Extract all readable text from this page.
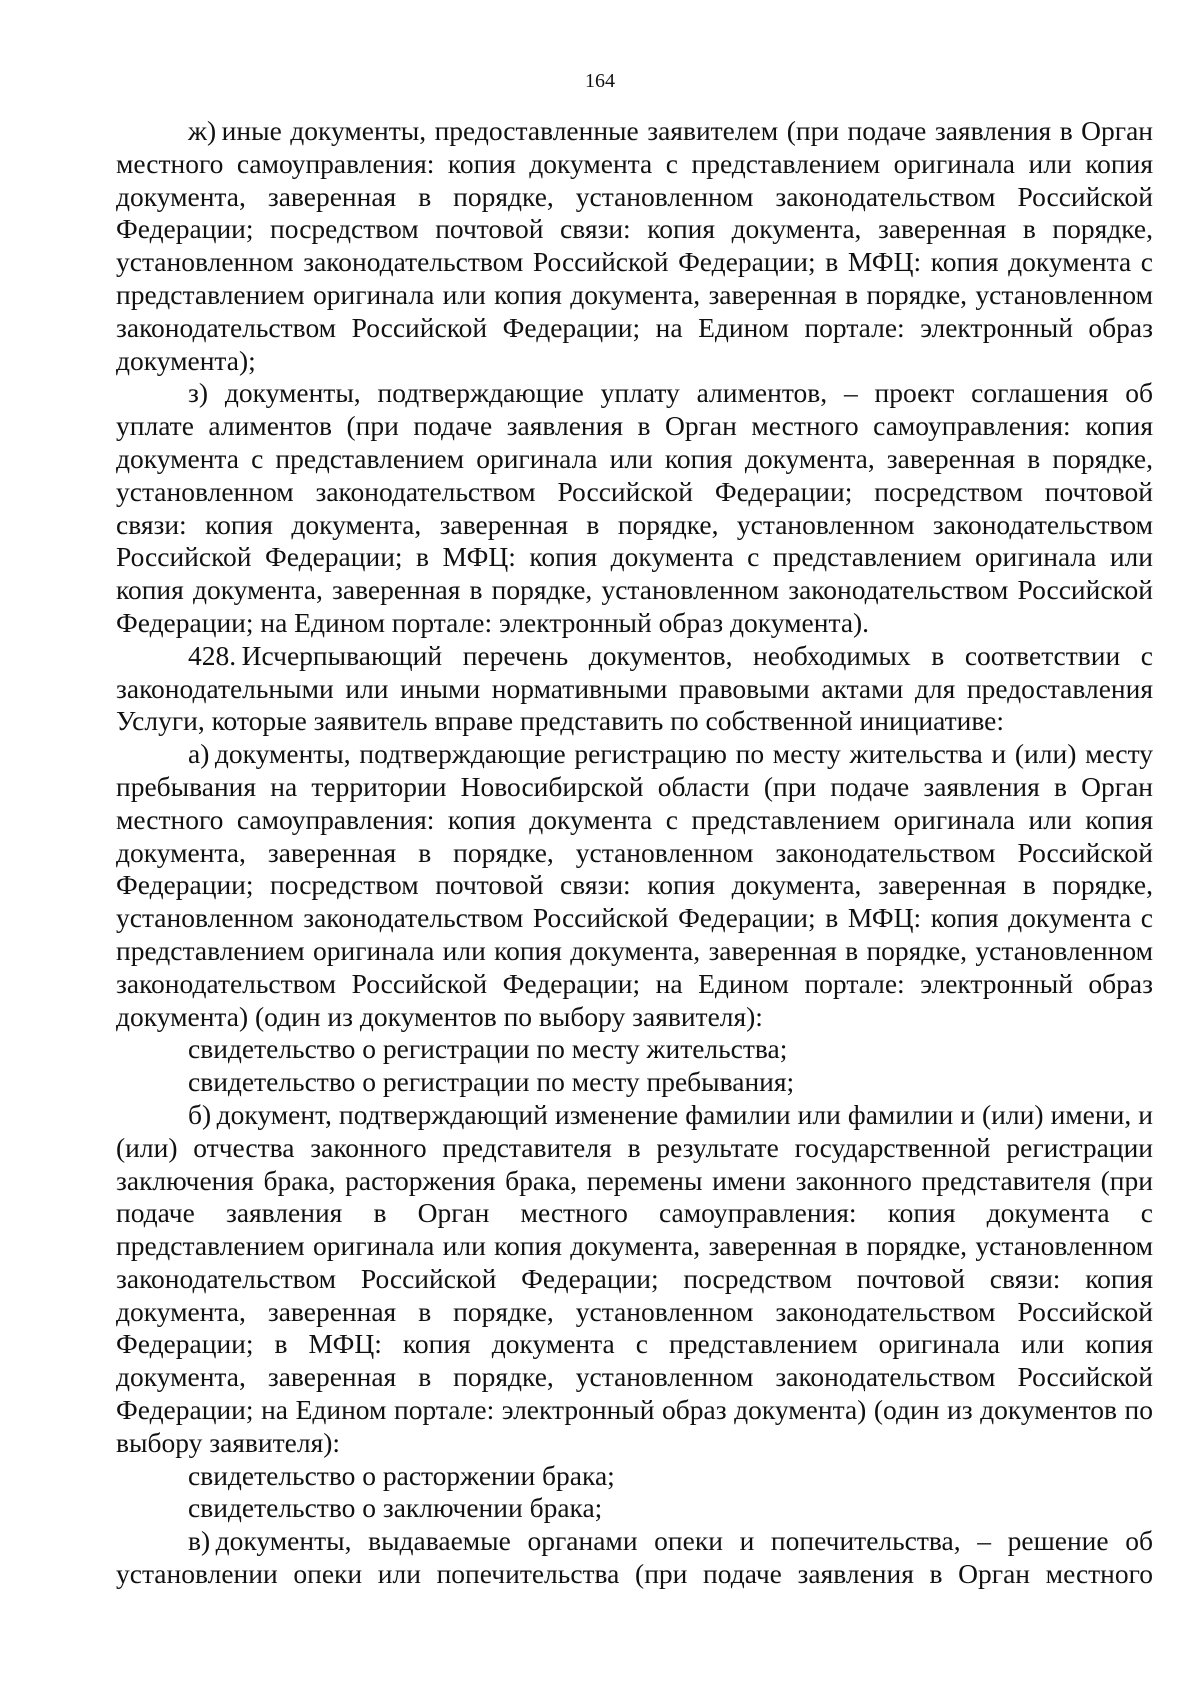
164

ж) иные документы, предоставленные заявителем (при подаче заявления в Орган местного самоуправления: копия документа с представлением оригинала или копия документа, заверенная в порядке, установленном законодательством Российской Федерации; посредством почтовой связи: копия документа, заверенная в порядке, установленном законодательством Российской Федерации; в МФЦ: копия документа с представлением оригинала или копия документа, заверенная в порядке, установленном законодательством Российской Федерации; на Едином портале: электронный образ документа);

з) документы, подтверждающие уплату алиментов, – проект соглашения об уплате алиментов (при подаче заявления в Орган местного самоуправления: копия документа с представлением оригинала или копия документа, заверенная в порядке, установленном законодательством Российской Федерации; посредством почтовой связи: копия документа, заверенная в порядке, установленном законодательством Российской Федерации; в МФЦ: копия документа с представлением оригинала или копия документа, заверенная в порядке, установленном законодательством Российской Федерации; на Едином портале: электронный образ документа).

428. Исчерпывающий перечень документов, необходимых в соответствии с законодательными или иными нормативными правовыми актами для предоставления Услуги, которые заявитель вправе представить по собственной инициативе:

а) документы, подтверждающие регистрацию по месту жительства и (или) месту пребывания на территории Новосибирской области (при подаче заявления в Орган местного самоуправления: копия документа с представлением оригинала или копия документа, заверенная в порядке, установленном законодательством Российской Федерации; посредством почтовой связи: копия документа, заверенная в порядке, установленном законодательством Российской Федерации; в МФЦ: копия документа с представлением оригинала или копия документа, заверенная в порядке, установленном законодательством Российской Федерации; на Едином портале: электронный образ документа) (один из документов по выбору заявителя):

свидетельство о регистрации по месту жительства;

свидетельство о регистрации по месту пребывания;

б) документ, подтверждающий изменение фамилии или фамилии и (или) имени, и (или) отчества законного представителя в результате государственной регистрации заключения брака, расторжения брака, перемены имени законного представителя (при подаче заявления в Орган местного самоуправления: копия документа с представлением оригинала или копия документа, заверенная в порядке, установленном законодательством Российской Федерации; посредством почтовой связи: копия документа, заверенная в порядке, установленном законодательством Российской Федерации; в МФЦ: копия документа с представлением оригинала или копия документа, заверенная в порядке, установленном законодательством Российской Федерации; на Едином портале: электронный образ документа) (один из документов по выбору заявителя):

свидетельство о расторжении брака;

свидетельство о заключении брака;

в) документы, выдаваемые органами опеки и попечительства, – решение об установлении опеки или попечительства (при подаче заявления в Орган местного
